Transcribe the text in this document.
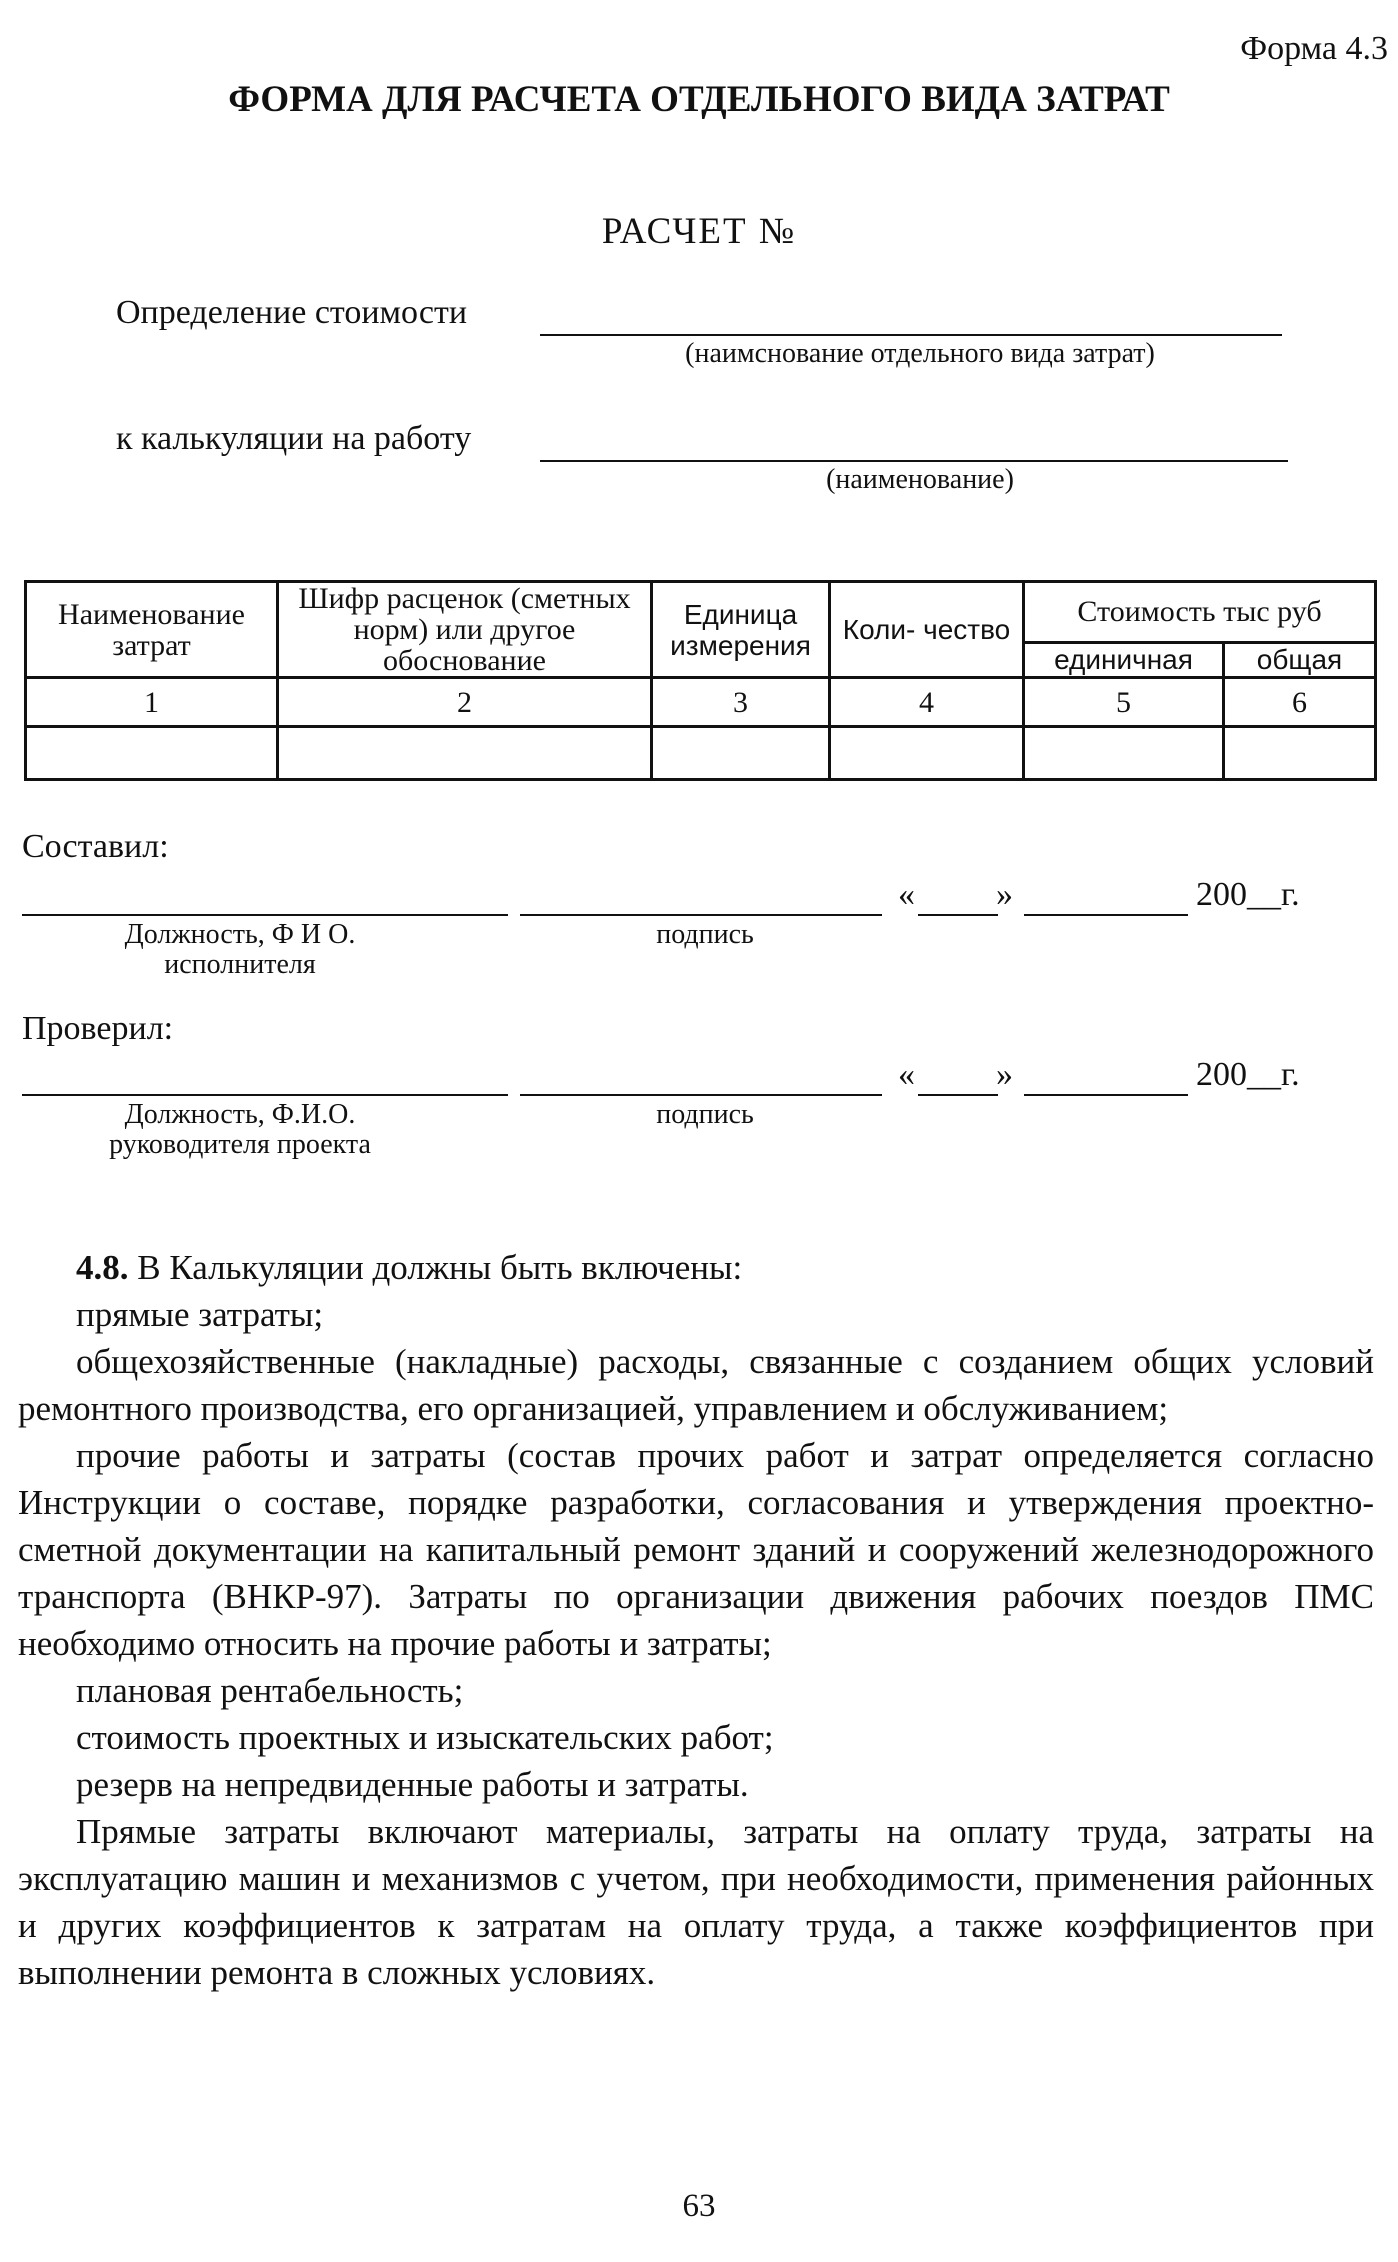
Форма 4.3
ФОРМА ДЛЯ РАСЧЕТА ОТДЕЛЬНОГО ВИДА ЗАТРАТ
РАСЧЕТ №
Определение стоимости
(наимснование отдельного вида затрат)
к калькуляции на работу
(наименование)
Наименование затрат	Шифр расценок (сметных норм) или другое обоснование	Единица измерения	Коли- чество	Стоимость тыс руб	
				единичная	общая
1	2	3	4	5	6

Составил:
« »	200__г.
Должность, Ф И О. исполнителя
подпись
Проверил:
« »	200__г.
Должность, Ф.И.О. руководителя проекта
подпись

4.8. В Калькуляции должны быть включены:

прямые затраты;

общехозяйственные (накладные) расходы, связанные с созданием общих условий ремонтного производства, его организацией, управлением и обслуживанием;

прочие работы и затраты (состав прочих работ и затрат определяется согласно Инструкции о составе, порядке разработки, согласования и утверждения проектно-сметной документации на капитальный ремонт зданий и сооружений железнодорожного транспорта (ВНКР-97). Затраты по организации движения рабочих поездов ПМС необходимо относить на прочие работы и затраты;

плановая рентабельность;

стоимость проектных и изыскательских работ;

резерв на непредвиденные работы и затраты.

Прямые затраты включают материалы, затраты на оплату труда, затраты на эксплуатацию машин и механизмов с учетом, при необходимости, применения районных и других коэффициентов к затратам на оплату труда, а также коэффициентов при выполнении ремонта в сложных условиях.

63
